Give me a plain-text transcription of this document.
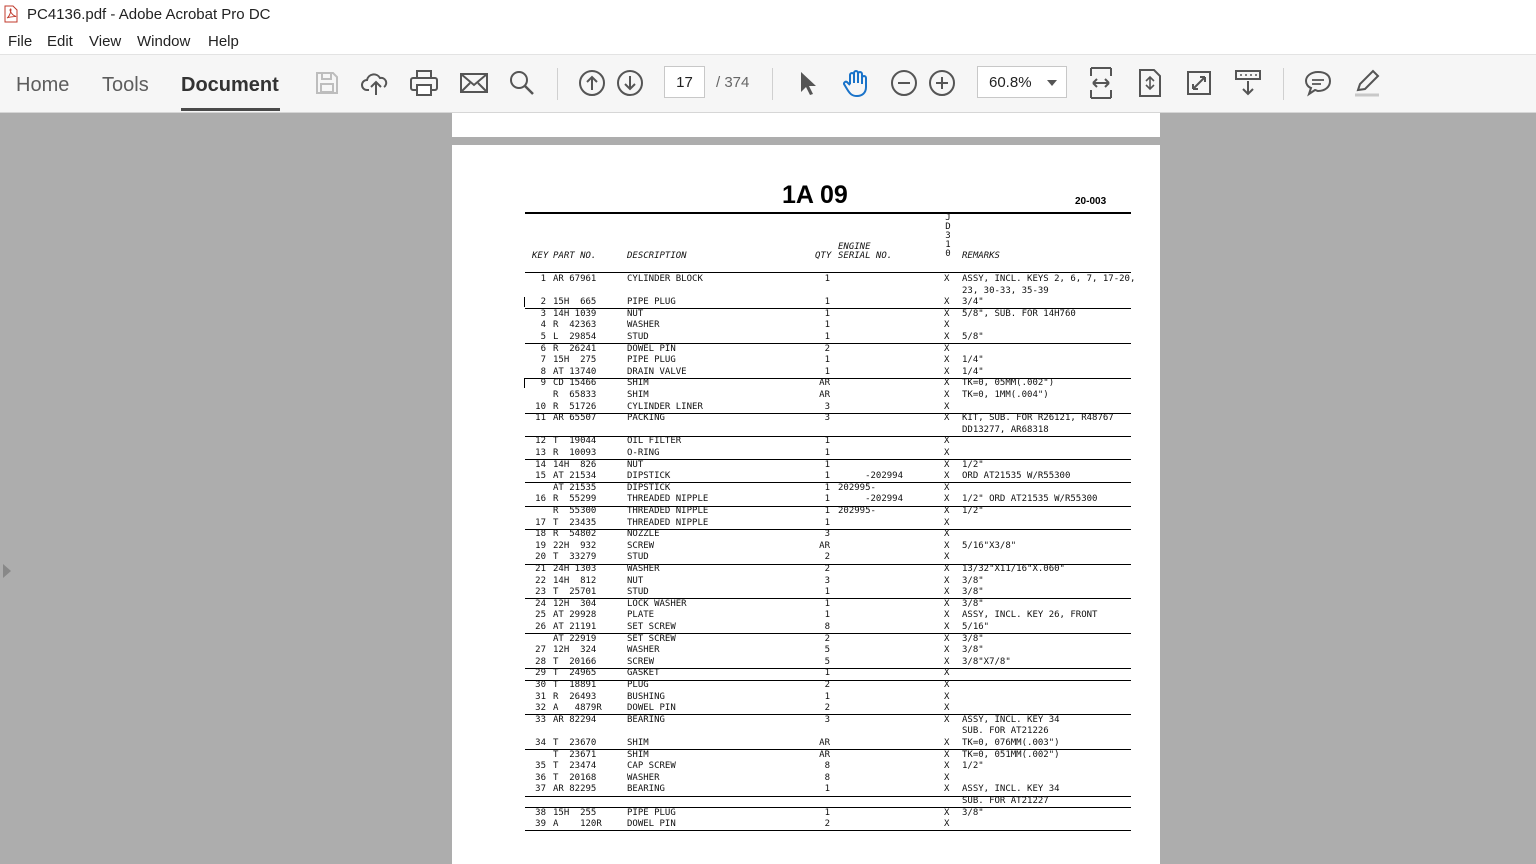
PC4136.pdf - Adobe Acrobat Pro DC
File Edit View Window Help
Home Tools Document
17	/ 374	60.8%
1A 09	20-003
J
D
3
1
0
KEY PART NO.	DESCRIPTION	QTY
ENGINE
SERIAL NO.	REMARKS
1 AR 67961	CYLINDER BLOCK	1	X ASSY, INCL. KEYS 2, 6, 7, 17-20,
23, 30-33, 35-39
2 15H  665	PIPE PLUG	1	X 3/4"
3 14H 1039	NUT	1	X 5/8", SUB. FOR 14H760
4 R  42363	WASHER	1	X
5 L  29854	STUD	1	X 5/8"
6 R  26241	DOWEL PIN	2	X
7 15H  275	PIPE PLUG	1	X 1/4"
8 AT 13740	DRAIN VALVE	1	X 1/4"
9 CD 15466	SHIM	AR	X TK=0, 05MM(.002")
R  65833	SHIM	AR	X TK=0, 1MM(.004")
10 R  51726	CYLINDER LINER	3	X
11 AR 65507	PACKING	3	X KIT, SUB. FOR R26121, R48767
DD13277, AR68318
12 T  19044	OIL FILTER	1	X
13 R  10093	O-RING	1	X
14 14H  826	NUT	1	X 1/2"
15 AT 21534	DIPSTICK	1 -202994	X ORD AT21535 W/R55300
AT 21535	DIPSTICK	1 202995-	X
16 R  55299	THREADED NIPPLE	1 -202994	X 1/2" ORD AT21535 W/R55300
R  55300	THREADED NIPPLE	1 202995-	X 1/2"
17 T  23435	THREADED NIPPLE	1	X
18 R  54802	NOZZLE	3	X
19 22H  932	SCREW	AR	X 5/16"X3/8"
20 T  33279	STUD	2	X
21 24H 1303	WASHER	2	X 13/32"X11/16"X.060"
22 14H  812	NUT	3	X 3/8"
23 T  25701	STUD	1	X 3/8"
24 12H  304	LOCK WASHER	1	X 3/8"
25 AT 29928	PLATE	1	X ASSY, INCL. KEY 26, FRONT
26 AT 21191	SET SCREW	8	X 5/16"
AT 22919	SET SCREW	2	X 3/8"
27 12H  324	WASHER	5	X 3/8"
28 T  20166	SCREW	5	X 3/8"X7/8"
29 T  24965	GASKET	1	X
30 T  18891	PLUG	2	X
31 R  26493	BUSHING	1	X
32 A   4879R	DOWEL PIN	2	X
33 AR 82294	BEARING	3	X ASSY, INCL. KEY 34
SUB. FOR AT21226
34 T  23670	SHIM	AR	X TK=0, 076MM(.003")
T  23671	SHIM	AR	X TK=0, 051MM(.002")
35 T  23474	CAP SCREW	8	X 1/2"
36 T  20168	WASHER	8	X
37 AR 82295	BEARING	1	X ASSY, INCL. KEY 34
SUB. FOR AT21227
38 15H  255	PIPE PLUG	1	X 3/8"
39 A    120R	DOWEL PIN	2	X
